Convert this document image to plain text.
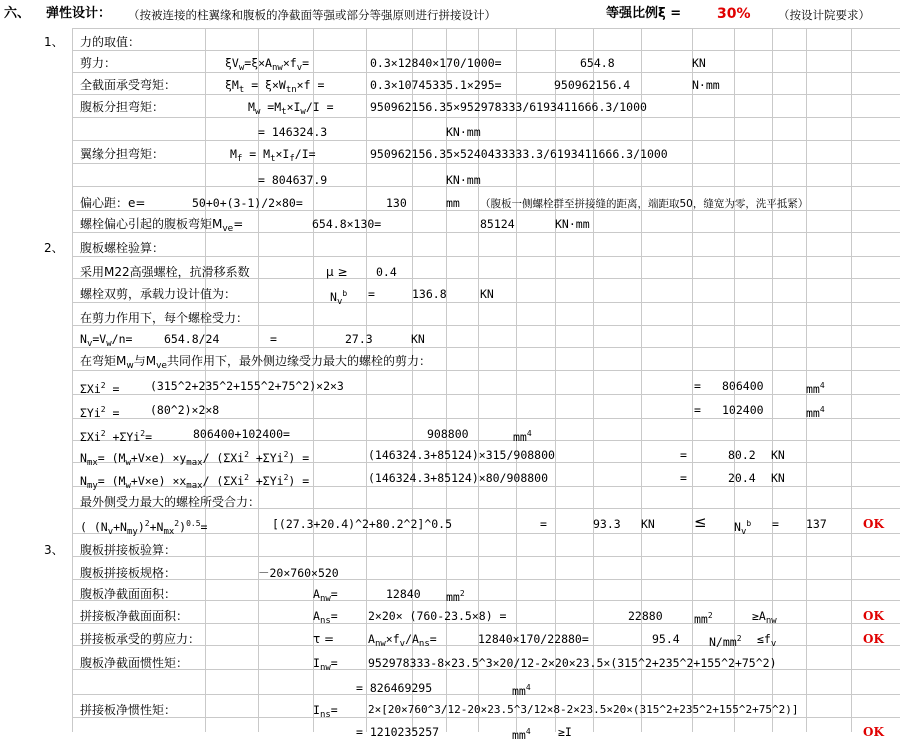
六、 弹性设计： （按被连接的柱翼缘和腹板的净截面等强或部分等强原则进行拼接设计）	等强比例ξ =	30% （按设计院要求）
1、 力的取值：
剪力：	$\xi V_w=\xi\times A_{nw}\times f_v=$	0.3×12840×170/1000=	654.8	KN
全截面承受弯矩：	$\xi M_t = \xi\times W_{tn}\times f$ =	0.3×10745335.1×295=	950962156.4	N·mm
腹板分担弯矩：	$M_w =M_t\times I_w/I$ =	950962156.35×952978333/6193411666.3/1000
= 146324.3	KN·mm
翼缘分担弯矩：	$M_f = M_t\times I_f/I=$	950962156.35×5240433333.3/6193411666.3/1000
= 804637.9	KN·mm
偏心距：e=	50+0+(3-1)/2×80=	130	mm （腹板一侧螺栓群至拼接缝的距离，端距取50，缝宽为零，洗平抵紧）
螺栓偏心引起的腹板弯矩$M_{ve}=$	654.8×130=	85124	KN·mm
2、 腹板螺栓验算：
采用M22高强螺栓，抗滑移系数	μ ≥ 0.4
螺栓双剪，承载力设计值为：	$N_v^b$ =	136.8	KN
在剪力作用下，每个螺栓受力：
$N_v=V_w/n=$	654.8/24	=	27.3	KN
在弯矩$M_w$与$M_{ve}$共同作用下，最外侧边缘受力最大的螺栓的剪力：
ΣXi$^2$ =	(315^2+235^2+155^2+75^2)×2×3	= 806400	$mm^4$
ΣYi$^2$ =	(80^2)×2×8	= 102400	$mm^4$
ΣXi$^2$ +ΣYi$^2$=	806400+102400=	908800	$mm^4$
$N_{mx}= (M_w+V\times e) \times y_{max}/$ (ΣXi$^2$ +ΣYi$^2$) =	(146324.3+85124)×315/908800	=	80.2 KN
$N_{my}= (M_w+V\times e) \times x_{max}/$ (ΣXi$^2$ +ΣYi$^2$) =	(146324.3+85124)×80/908800	=	20.4 KN
最外侧受力最大的螺栓所受合力：
( $(N_v+N_{my})^2+N_{mx}^2)^{0.5}=$	[(27.3+20.4)^2+80.2^2]^0.5	=	93.3 KN	≤ $N_v^b = 137$	OK
3、 腹板拼接板验算：
腹板拼接板规格：	－20×760×520
腹板净截面面积：	$A_{nw}=$	12840 $mm^2$
拼接板净截面面积：	$A_{ns}=$	2×20× (760-23.5×8) =	22880	$mm^2$	$\ge A_{nw}$	OK
拼接板承受的剪应力：	τ =	$A_{nw}\times f_v/A_{ns}=$	12840×170/22880=	95.4	$N/mm^2 \le f_v$	OK
腹板净截面惯性矩：	$I_{nw}=$	952978333-8×23.5^3×20/12-2×20×23.5×(315^2+235^2+155^2+75^2)
= 826469295	$mm^4$
拼接板净惯性矩：	$I_{ns}=$	2×[20×760^3/12-20×23.5^3/12×8-2×23.5×20×(315^2+235^2+155^2+75^2)]
= 1210235257	$mm^4 \ge I$	OK
